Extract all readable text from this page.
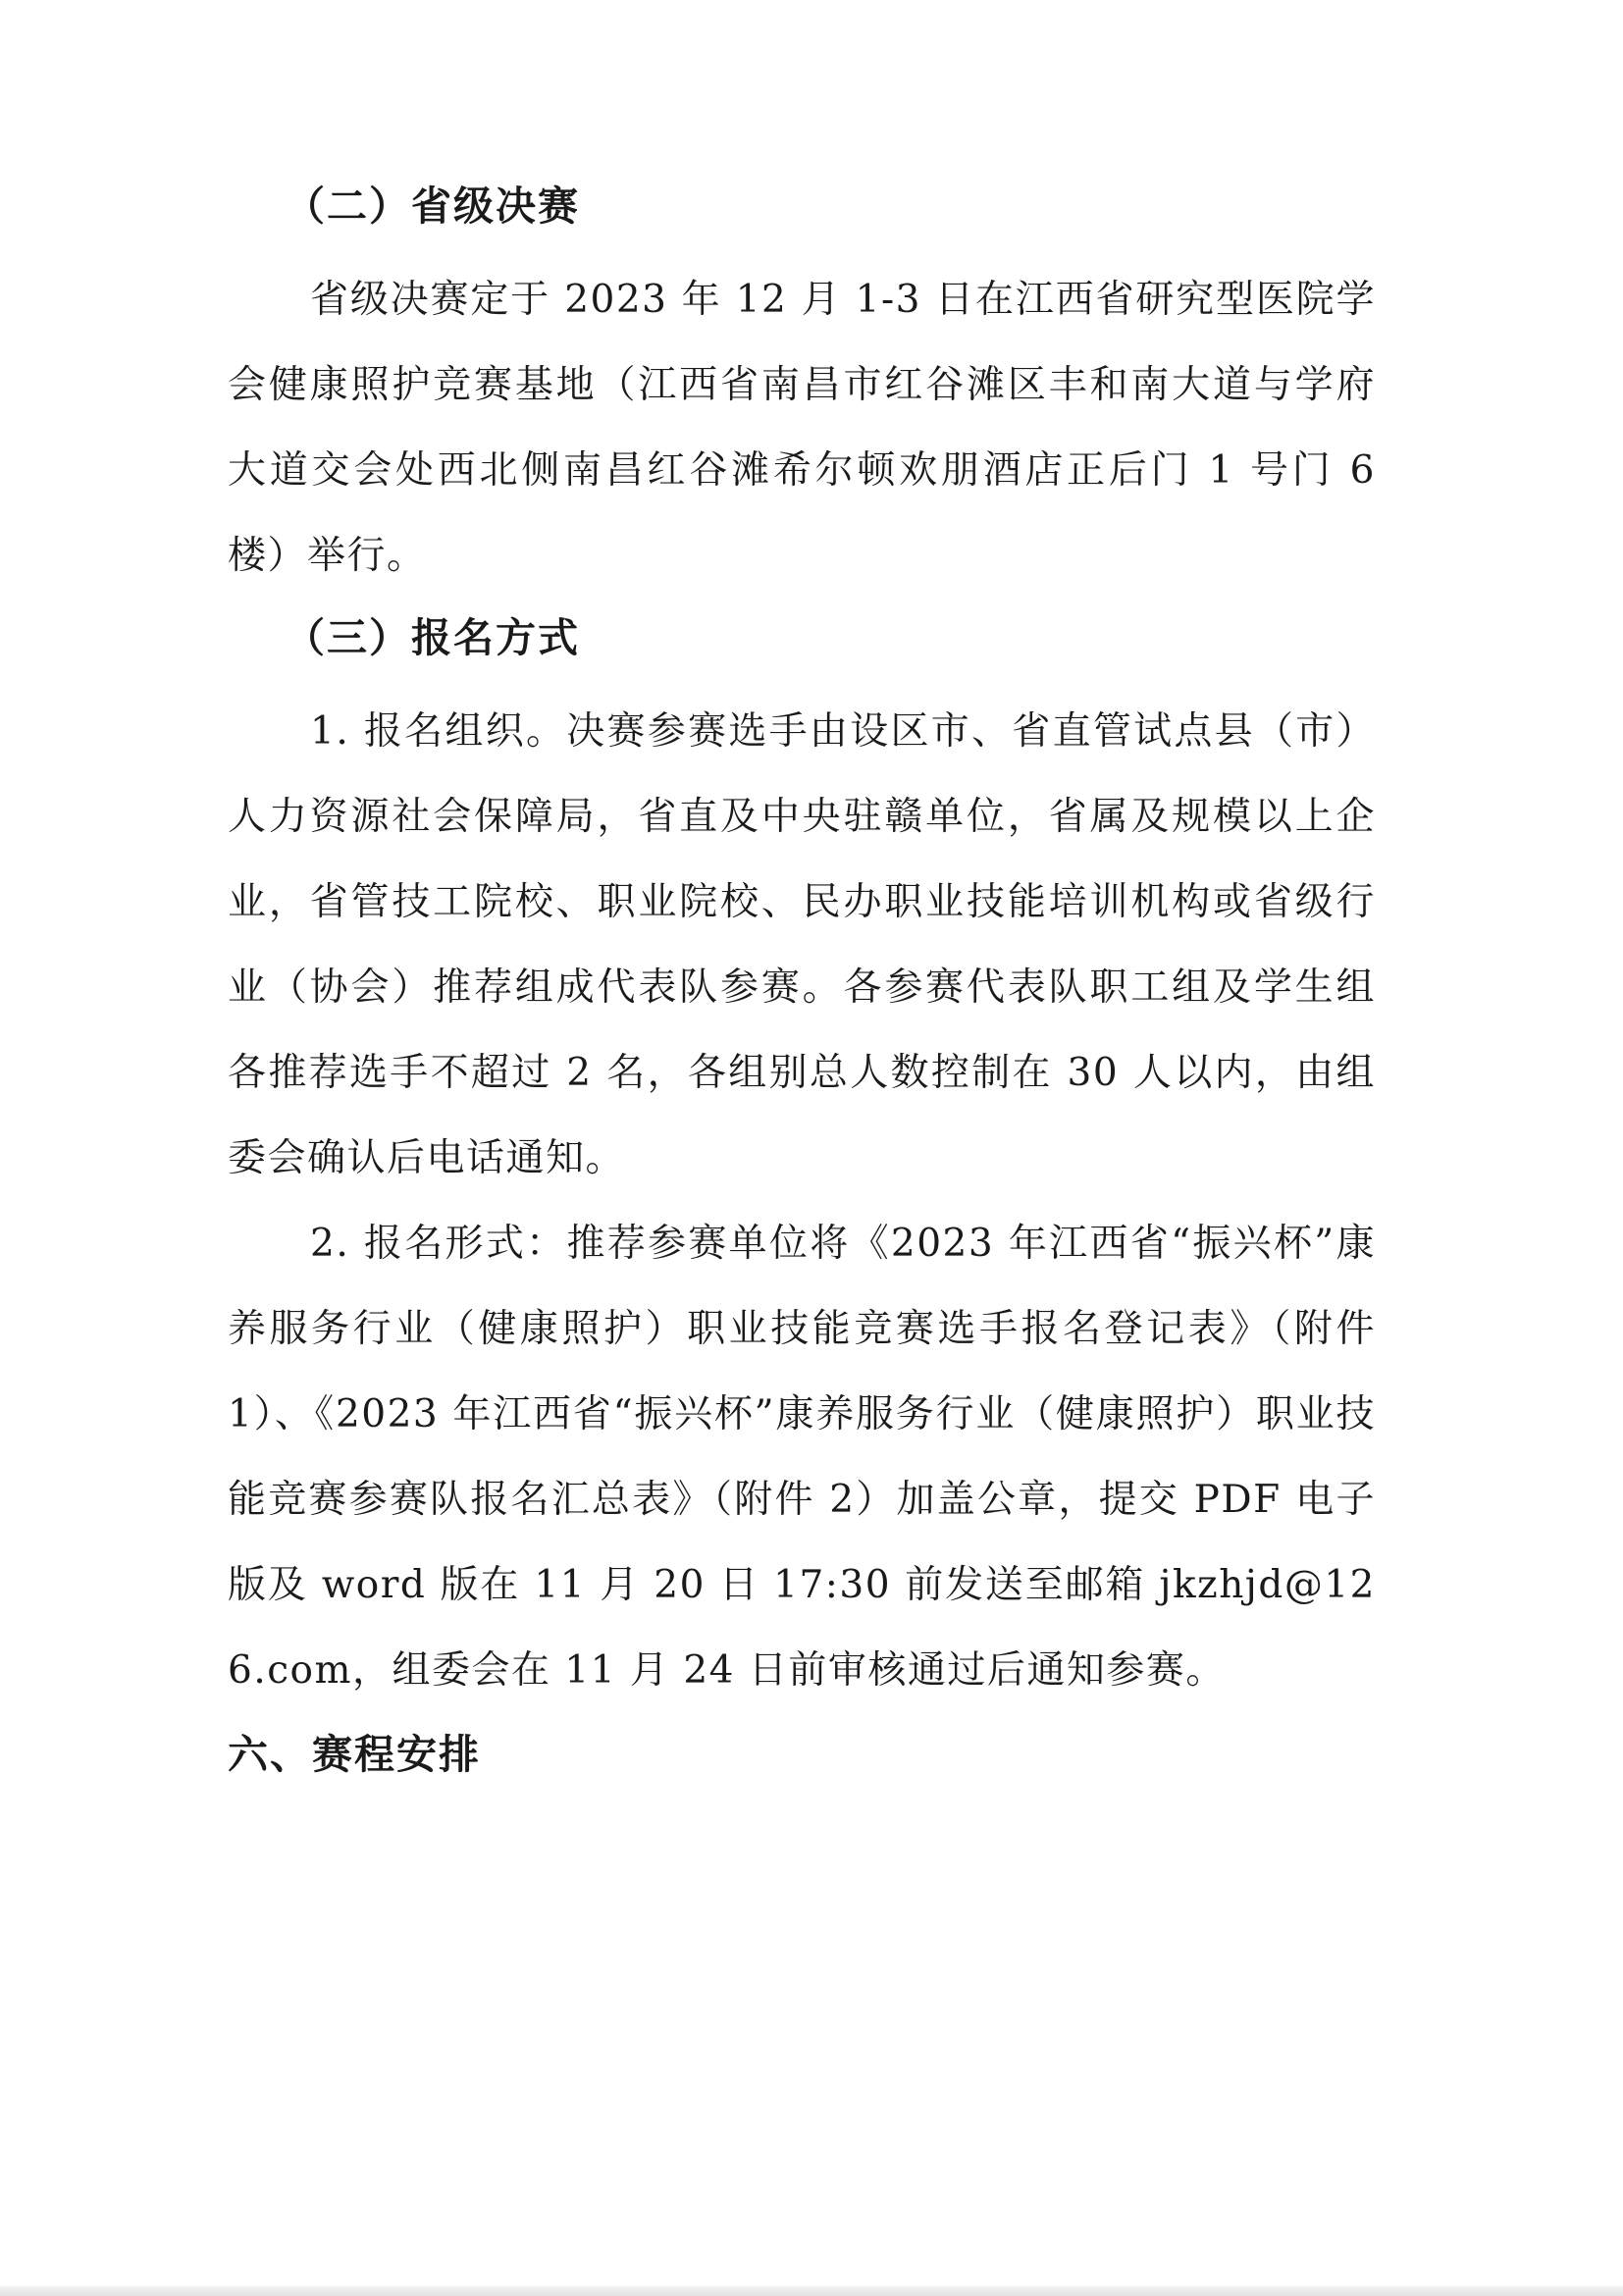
（二）省级决赛

省级决赛定于 2023 年 12 月 1-3 日在江西省研究型医院学会健康照护竞赛基地（江西省南昌市红谷滩区丰和南大道与学府大道交会处西北侧南昌红谷滩希尔顿欢朋酒店正后门 1 号门 6 楼）举行。

（三）报名方式

1. 报名组织。决赛参赛选手由设区市、省直管试点县（市）人力资源社会保障局，省直及中央驻赣单位，省属及规模以上企业，省管技工院校、职业院校、民办职业技能培训机构或省级行业（协会）推荐组成代表队参赛。各参赛代表队职工组及学生组各推荐选手不超过 2 名，各组别总人数控制在 30 人以内，由组委会确认后电话通知。

2. 报名形式：推荐参赛单位将《2023 年江西省“振兴杯”康养服务行业（健康照护）职业技能竞赛选手报名登记表》（附件 1）、《2023 年江西省“振兴杯”康养服务行业（健康照护）职业技能竞赛参赛队报名汇总表》（附件 2）加盖公章，提交 PDF 电子版及 word 版在 11 月 20 日 17:30 前发送至邮箱 jkzhjd@126.com，组委会在 11 月 24 日前审核通过后通知参赛。

六、赛程安排
